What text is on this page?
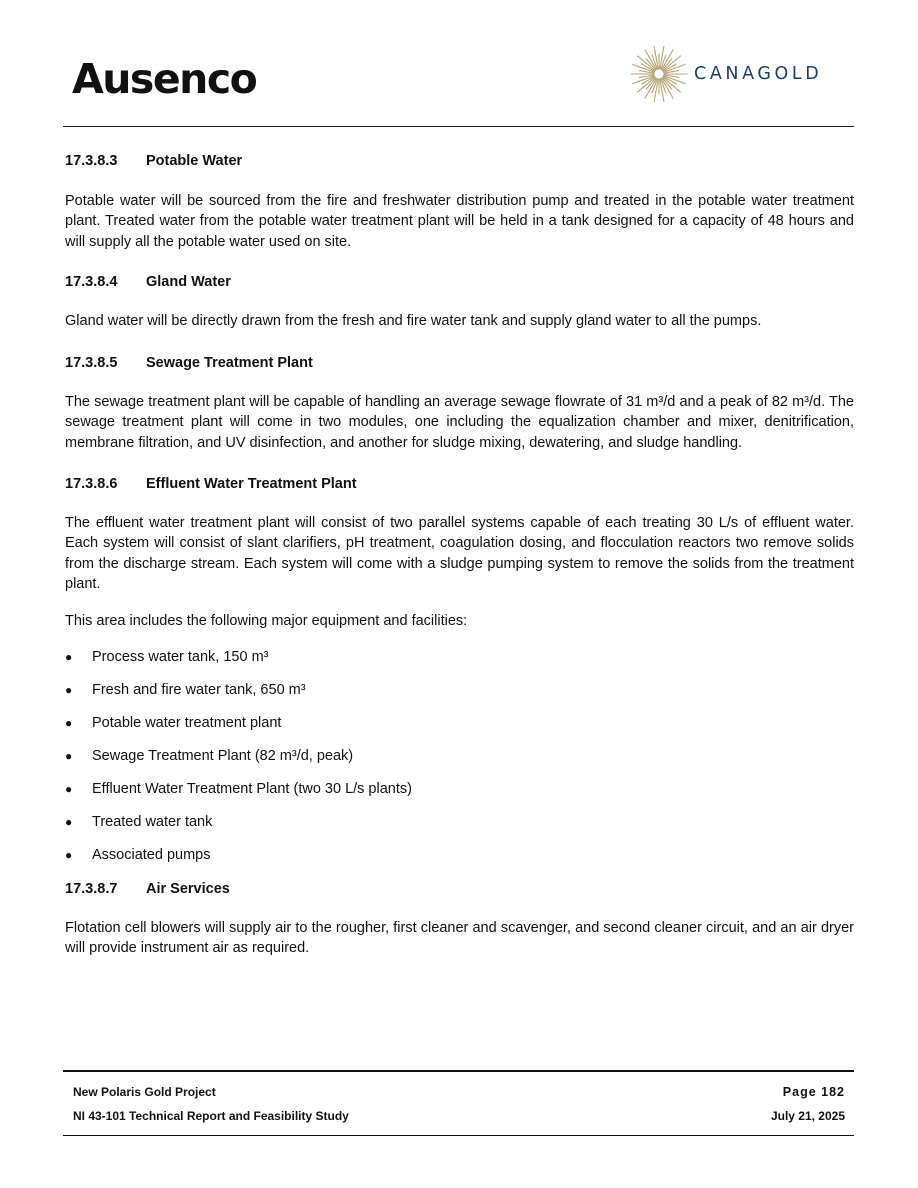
Ausenco	CANAGOLD
17.3.8.3	Potable Water

Potable water will be sourced from the fire and freshwater distribution pump and treated in the potable water treatment plant. Treated water from the potable water treatment plant will be held in a tank designed for a capacity of 48 hours and will supply all the potable water used on site.

17.3.8.4	Gland Water

Gland water will be directly drawn from the fresh and fire water tank and supply gland water to all the pumps.

17.3.8.5	Sewage Treatment Plant

The sewage treatment plant will be capable of handling an average sewage flowrate of 31 m³/d and a peak of 82 m³/d. The sewage treatment plant will come in two modules, one including the equalization chamber and mixer, denitrification, membrane filtration, and UV disinfection, and another for sludge mixing, dewatering, and sludge handling.

17.3.8.6	Effluent Water Treatment Plant

The effluent water treatment plant will consist of two parallel systems capable of each treating 30 L/s of effluent water. Each system will consist of slant clarifiers, pH treatment, coagulation dosing, and flocculation reactors two remove solids from the discharge stream. Each system will come with a sludge pumping system to remove the solids from the treatment plant.

This area includes the following major equipment and facilities:

●	Process water tank, 150 m³
●	Fresh and fire water tank, 650 m³
●	Potable water treatment plant
●	Sewage Treatment Plant (82 m³/d, peak)
●	Effluent Water Treatment Plant (two 30 L/s plants)
●	Treated water tank
●	Associated pumps
17.3.8.7	Air Services

Flotation cell blowers will supply air to the rougher, first cleaner and scavenger, and second cleaner circuit, and an air dryer will provide instrument air as required.

New Polaris Gold Project	Page 182
NI 43-101 Technical Report and Feasibility Study	July 21, 2025
